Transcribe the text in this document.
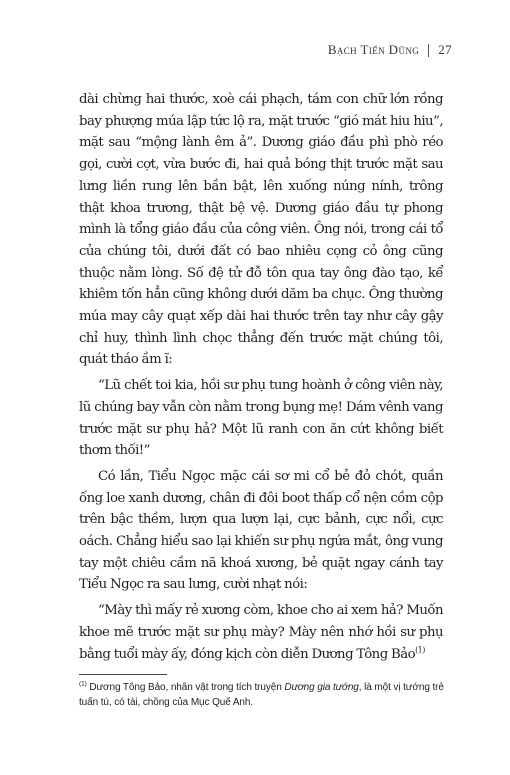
Bạch Tiến Dũng 27

dài chừng hai thước, xoè cái phạch, tám con chữ lớn rồng bay phượng múa lập tức lộ ra, mặt trước “gió mát hiu hiu”, mặt sau “mộng lành êm ả”. Dương giáo đầu phì phò réo gọi, cười cợt, vừa bước đi, hai quả bóng thịt trước mặt sau lưng liền rung lên bần bật, lên xuống núng nính, trông thật khoa trương, thật bệ vệ. Dương giáo đầu tự phong mình là tổng giáo đầu của công viên. Ông nói, trong cái tổ của chúng tôi, dưới đất có bao nhiêu cọng cỏ ông cũng thuộc nằm lòng. Số đệ tử đỗ tôn qua tay ông đào tạo, kể khiêm tốn hẳn cũng không dưới dăm ba chục. Ông thường múa may cây quạt xếp dài hai thước trên tay như cây gậy chỉ huy, thình lình chọc thẳng đến trước mặt chúng tôi, quát tháo ầm ĩ:

“Lũ chết toi kia, hồi sư phụ tung hoành ở công viên này, lũ chúng bay vẫn còn nằm trong bụng mẹ! Dám vênh vang trước mặt sư phụ hả? Một lũ ranh con ăn cứt không biết thơm thối!”

Có lần, Tiểu Ngọc mặc cái sơ mi cổ bẻ đỏ chót, quần ống loe xanh dương, chân đi đôi boot thấp cổ nện cồm cộp trên bậc thềm, lượn qua lượn lại, cực bảnh, cực nổi, cực oách. Chẳng hiểu sao lại khiến sư phụ ngứa mắt, ông vung tay một chiêu cầm nã khoá xương, bẻ quặt ngay cánh tay Tiểu Ngọc ra sau lưng, cười nhạt nói:

“Mày thì mấy rẻ xương còm, khoe cho ai xem hả? Muốn khoe mẽ trước mặt sư phụ mày? Mày nên nhớ hồi sư phụ bằng tuổi mày ấy, đóng kịch còn diễn Dương Tông Bảo$^{(1)}$

$^{(1)}$ Dương Tông Bảo, nhân vật trong tích truyện Dương gia tướng, là một vị tướng trẻ tuấn tú, có tài, chồng của Mục Quế Anh.
